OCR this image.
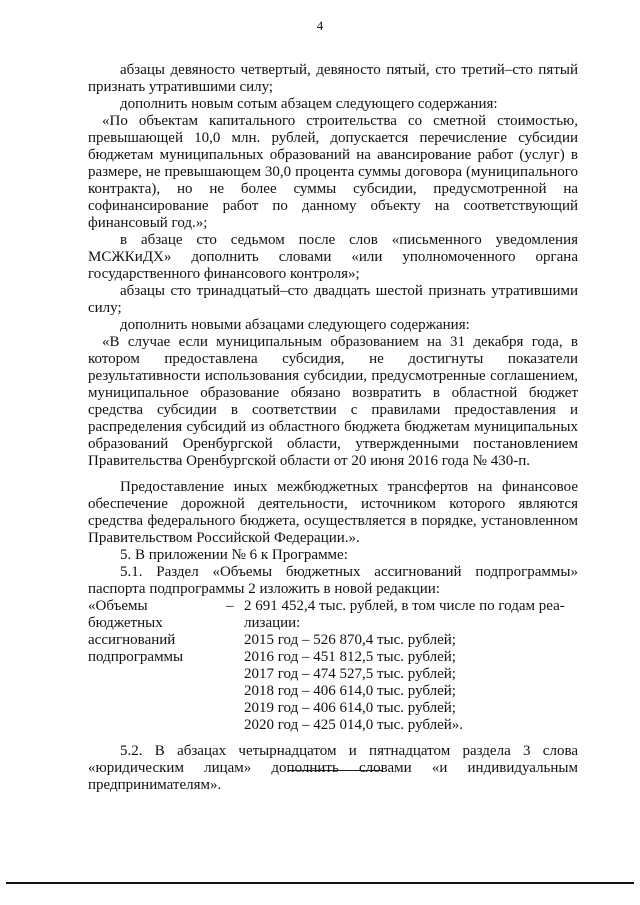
4

абзацы девяносто четвертый, девяносто пятый, сто третий–сто пятый признать утратившими силу;

дополнить новым сотым абзацем следующего содержания:

«По объектам капитального строительства со сметной стоимостью, превышающей 10,0 млн. рублей, допускается перечисление субсидии бюджетам муниципальных образований на авансирование работ (услуг) в размере, не превышающем 30,0 процента суммы договора (муниципального контракта), но не более суммы субсидии, предусмотренной на софинансирование работ по данному объекту на соответствующий финансовый год.»;

в абзаце сто седьмом после слов «письменного уведомления МСЖКиДХ» дополнить словами «или уполномоченного органа государственного финансового контроля»;

абзацы сто тринадцатый–сто двадцать шестой признать утратившими силу;

дополнить новыми абзацами следующего содержания:

«В случае если муниципальным образованием на 31 декабря года, в котором предоставлена субсидия, не достигнуты показатели результативности использования субсидии, предусмотренные соглашением, муниципальное образование обязано возвратить в областной бюджет средства субсидии в соответствии с правилами предоставления и распределения субсидий из областного бюджета бюджетам муниципальных образований Оренбургской области, утвержденными постановлением Правительства Оренбургской области от 20 июня 2016 года № 430-п.

Предоставление иных межбюджетных трансфертов на финансовое обеспечение дорожной деятельности, источником которого являются средства федерального бюджета, осуществляется в порядке, установленном Правительством Российской Федерации.».

5. В приложении № 6 к Программе:

5.1. Раздел «Объемы бюджетных ассигнований подпрограммы» паспорта подпрограммы 2 изложить в новой редакции:

«Объемы
бюджетных
ассигнований
подпрограммы
– 2 691 452,4 тыс. рублей, в том числе по годам реа-
лизации:
2015 год – 526 870,4 тыс. рублей;
2016 год – 451 812,5 тыс. рублей;
2017 год – 474 527,5 тыс. рублей;
2018 год – 406 614,0 тыс. рублей;
2019 год – 406 614,0 тыс. рублей;
2020 год – 425 014,0 тыс. рублей».

5.2. В абзацах четырнадцатом и пятнадцатом раздела 3 слова «юридическим лицам» дополнить словами «и индивидуальным предпринимателям».
